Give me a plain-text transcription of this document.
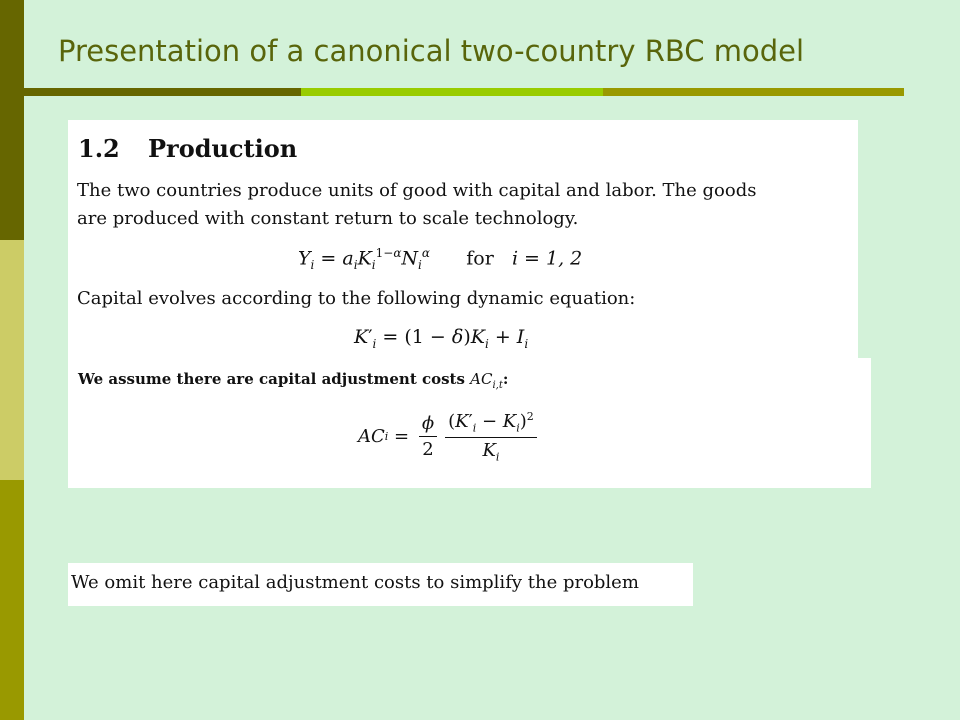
Presentation of a canonical two-country RBC model
1.2 Production
The two countries produce units of good with capital and labor. The goods
are produced with constant return to scale technology.
$Y_i = a_iK_i^{1-\alpha}N_i^\alpha$ for i = 1, 2
Capital evolves according to the following dynamic equation:
$K'_i = (1 - \delta)K_i + I_i$
We assume there are capital adjustment costs $AC_{i,t}$:
AC $i = \frac{\phi}{2} \frac{(K'_i - K_i)^2}{K_i}$
We omit here capital adjustment costs to simplify the problem
